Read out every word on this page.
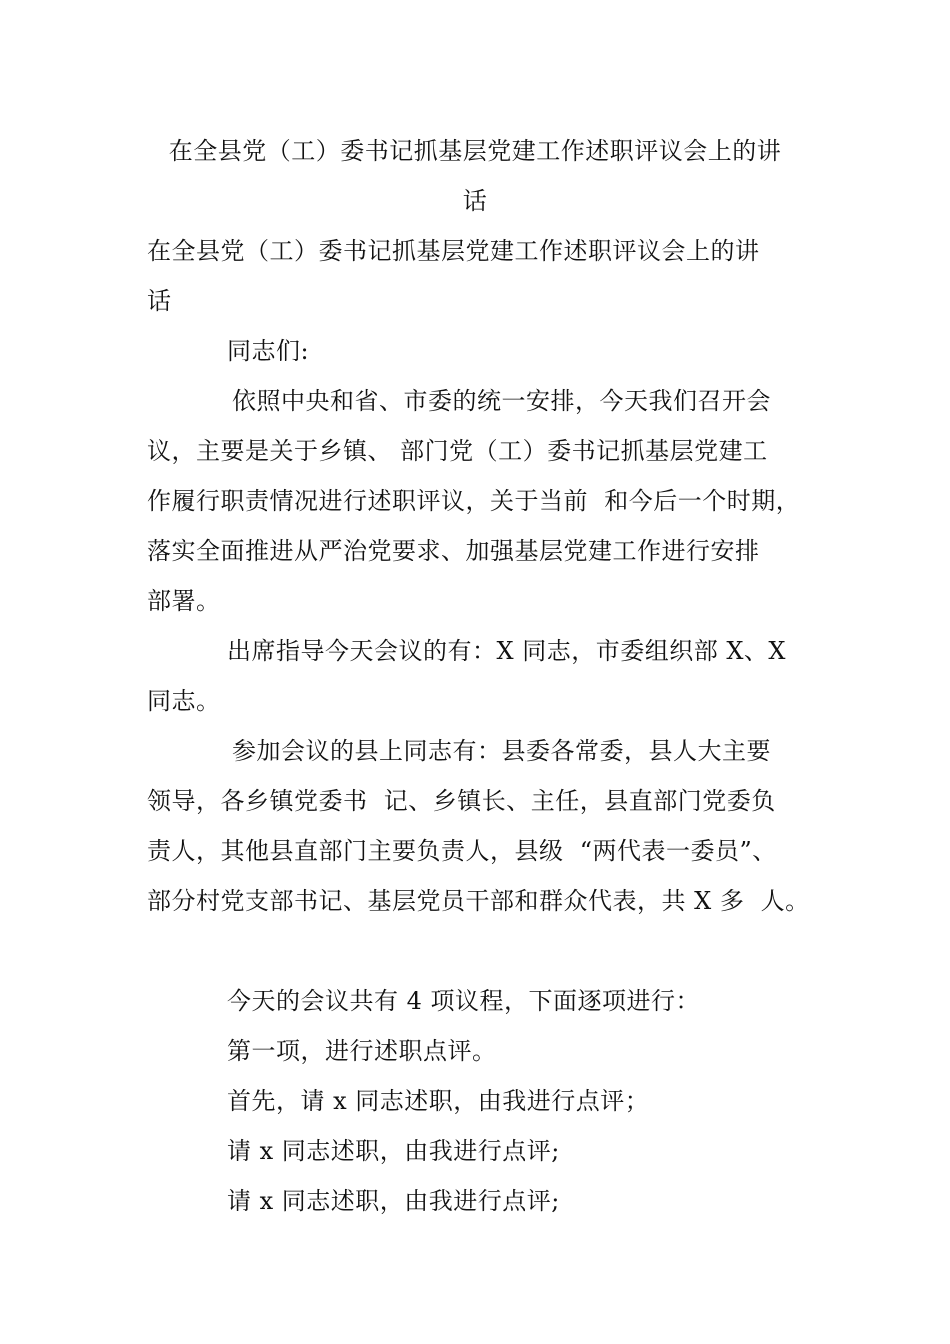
在全县党（工）委书记抓基层党建工作述职评议会上的讲
话
在全县党（工）委书记抓基层党建工作述职评议会上的讲
话
同志们:
依照中央和省、市委的统一安排，今天我们召开会
议，主要是关于乡镇、 部门党（工）委书记抓基层党建工
作履行职责情况进行述职评议，关于当前  和今后一个时期，
落实全面推进从严治党要求、加强基层党建工作进行安排
部署。
出席指导今天会议的有：X 同志，市委组织部 X、X
同志。
参加会议的县上同志有：县委各常委，县人大主要
领导，各乡镇党委书  记、乡镇长、主任，县直部门党委负
责人，其他县直部门主要负责人，县级  “两代表一委员”、
部分村党支部书记、基层党员干部和群众代表，共 X 多  人。
今天的会议共有 4 项议程，下面逐项进行：
第一项，进行述职点评。
首先，请 x 同志述职，由我进行点评；
请 x 同志述职，由我进行点评;
请 x 同志述职，由我进行点评;
